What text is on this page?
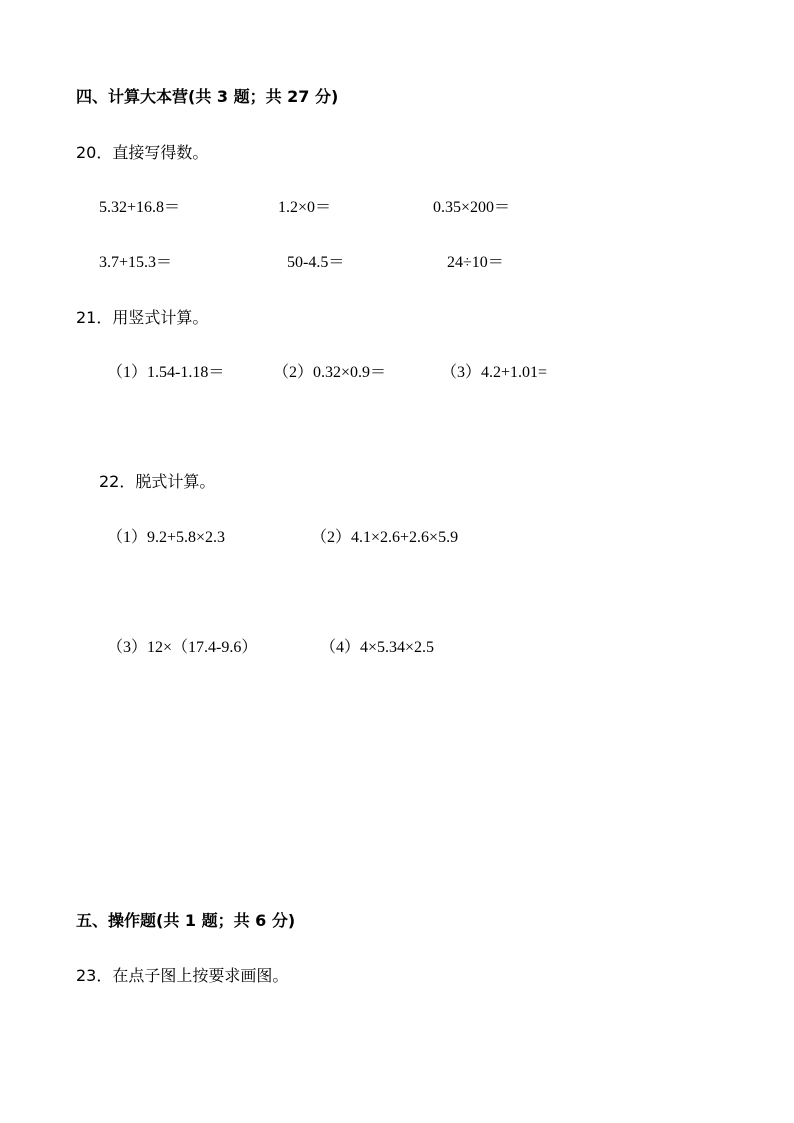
四、计算大本营(共 3 题；共 27 分)
20．直接写得数。
5.32+16.8＝	1.2×0＝	0.35×200＝
3.7+15.3＝	50-4.5＝	24÷10＝
21．用竖式计算。
（1）1.54-1.18＝	（2）0.32×0.9＝	（3）4.2+1.01=
22．脱式计算。
（1）9.2+5.8×2.3	（2）4.1×2.6+2.6×5.9
（3）12×（17.4-9.6）	（4）4×5.34×2.5
五、操作题(共 1 题；共 6 分)
23．在点子图上按要求画图。
